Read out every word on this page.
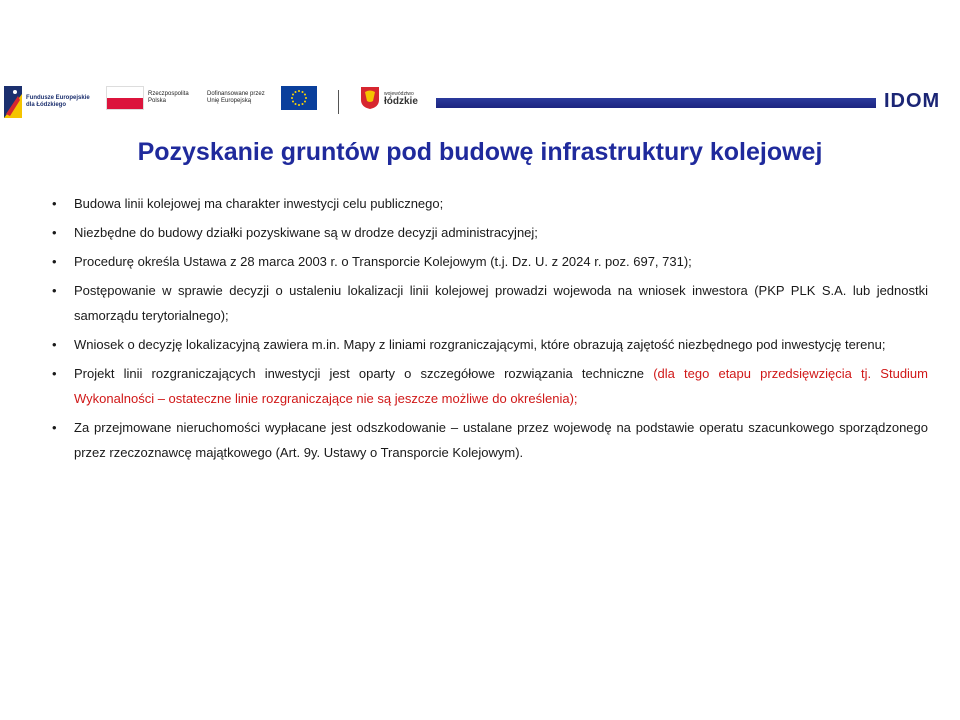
Fundusze Europejskie
dla Łódzkiego
Rzeczpospolita
Polska
Dofinansowane przez
Unię Europejską
województwo
łódzkie	IDOM
Pozyskanie gruntów pod budowę infrastruktury kolejowej
• Budowa linii kolejowej ma charakter inwestycji celu publicznego;
• Niezbędne do budowy działki pozyskiwane są w drodze decyzji administracyjnej;
• Procedurę określa Ustawa z 28 marca 2003 r. o Transporcie Kolejowym (t.j. Dz. U. z 2024 r. poz. 697, 731);
• Postępowanie w sprawie decyzji o ustaleniu lokalizacji linii kolejowej prowadzi wojewoda na wniosek inwestora (PKP PLK S.A. lub jednostki samorządu terytorialnego);
• Wniosek o decyzję lokalizacyjną zawiera m.in. Mapy z liniami rozgraniczającymi, które obrazują zajętość niezbędnego pod inwestycję terenu;
• Projekt linii rozgraniczających inwestycji jest oparty o szczegółowe rozwiązania techniczne (dla tego etapu przedsięwzięcia tj. Studium Wykonalności – ostateczne linie rozgraniczające nie są jeszcze możliwe do określenia);
• Za przejmowane nieruchomości wypłacane jest odszkodowanie – ustalane przez wojewodę na podstawie operatu szacunkowego sporządzonego przez rzeczoznawcę majątkowego (Art. 9y. Ustawy o Transporcie Kolejowym).
